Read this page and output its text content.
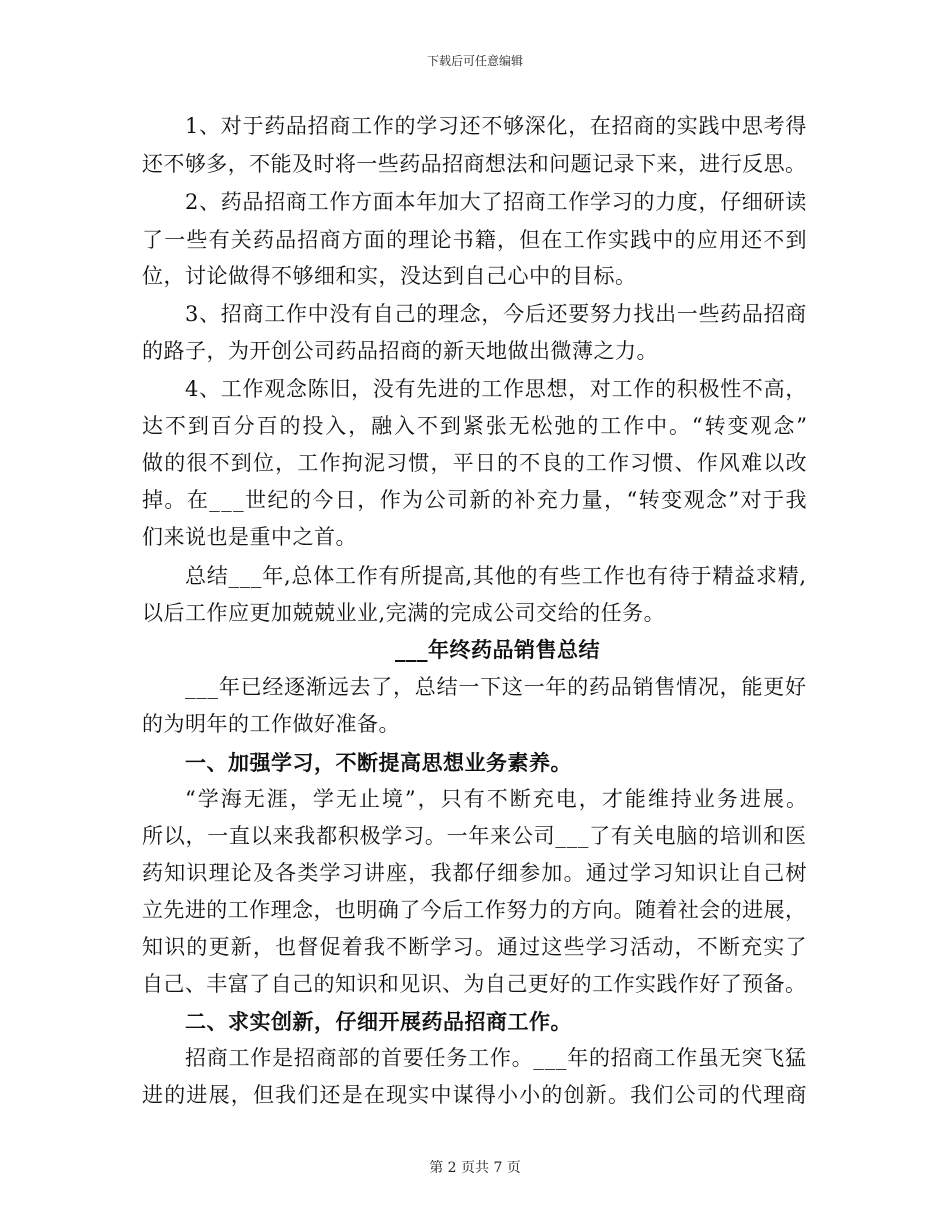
下载后可任意编辑
1、对于药品招商工作的学习还不够深化，在招商的实践中思考得
还不够多，不能及时将一些药品招商想法和问题记录下来，进行反思。
2、药品招商工作方面本年加大了招商工作学习的力度，仔细研读
了一些有关药品招商方面的理论书籍，但在工作实践中的应用还不到
位，讨论做得不够细和实，没达到自己心中的目标。
3、招商工作中没有自己的理念，今后还要努力找出一些药品招商
的路子，为开创公司药品招商的新天地做出微薄之力。
4、工作观念陈旧，没有先进的工作思想，对工作的积极性不高，
达不到百分百的投入，融入不到紧张无松弛的工作中。“转变观念”
做的很不到位，工作拘泥习惯，平日的不良的工作习惯、作风难以改
掉。在___世纪的今日，作为公司新的补充力量，“转变观念”对于我
们来说也是重中之首。
总结___年,总体工作有所提高,其他的有些工作也有待于精益求精,
以后工作应更加兢兢业业,完满的完成公司交给的任务。
___年终药品销售总结
___年已经逐渐远去了，总结一下这一年的药品销售情况，能更好
的为明年的工作做好准备。
一、加强学习，不断提高思想业务素养。
“学海无涯，学无止境”，只有不断充电，才能维持业务进展。
所以，一直以来我都积极学习。一年来公司___了有关电脑的培训和医
药知识理论及各类学习讲座，我都仔细参加。通过学习知识让自己树
立先进的工作理念，也明确了今后工作努力的方向。随着社会的进展，
知识的更新，也督促着我不断学习。通过这些学习活动，不断充实了
自己、丰富了自己的知识和见识、为自己更好的工作实践作好了预备。
二、求实创新，仔细开展药品招商工作。
招商工作是招商部的首要任务工作。___年的招商工作虽无突飞猛
进的进展，但我们还是在现实中谋得小小的创新。我们公司的代理商
第 2 页共 7 页
